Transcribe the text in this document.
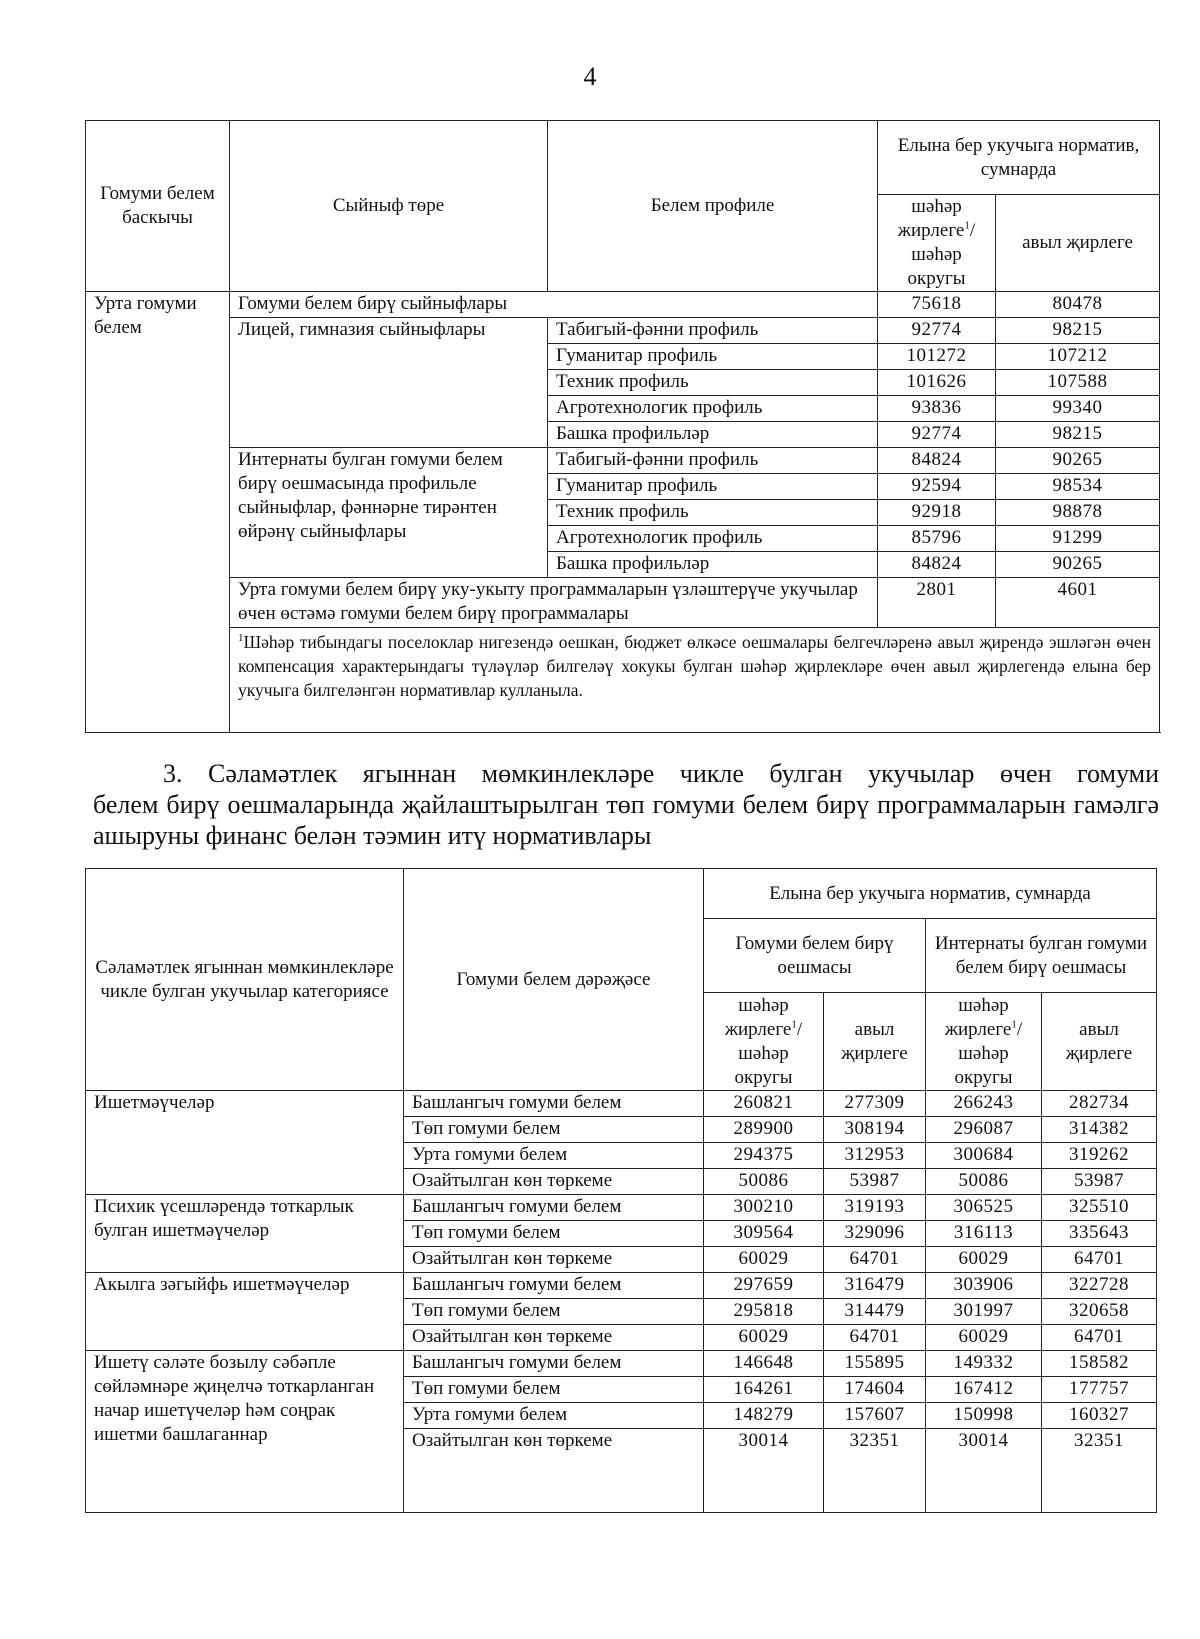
4
Гомуми белем баскычы	Сыйныф төре	Белем профиле	Елына бер укучыга норматив, сумнарда	
			шәһәр жирлеге$^1$/ шәһәр округы	авыл җирлеге
Урта гомуми белем	Гомуми белем бирү сыйныфлары		75618	80478
	Лицей, гимназия сыйныфлары	Табигый-фәнни профиль	92774	98215
		Гуманитар профиль	101272	107212
		Техник профиль	101626	107588
		Агротехнологик профиль	93836	99340
		Башка профильләр	92774	98215
	Интернаты булган гомуми белем бирү оешмасында профильле сыйныфлар, фәннәрне тирәнтен өйрәнү сыйныфлары	Табигый-фәнни профиль	84824	90265
		Гуманитар профиль	92594	98534
		Техник профиль	92918	98878
		Агротехнологик профиль	85796	91299
		Башка профильләр	84824	90265
	Урта гомуми белем бирү уку-укыту программаларын үзләштерүче укучылар өчен өстәмә гомуми белем бирү программалары		2801	4601
	$^1$Шәһәр тибындагы поселоклар нигезендә оешкан, бюджет өлкәсе оешмалары белгечләренә авыл җирендә эшләгән өчен компенсация характерындагы түләүләр билгеләү хокукы булган шәһәр җирлекләре өчен авыл җирлегендә елына бер укучыга билгеләнгән нормативлар кулланыла.			
3. Сәламәтлек ягыннан мөмкинлекләре чикле булган укучылар өчен гомуми
белем бирү оешмаларында җайлаштырылган төп гомуми белем бирү программаларын гамәлгә ашыруны финанс белән тәэмин итү нормативлары
Сәламәтлек ягыннан мөмкинлекләре чикле булган укучылар категориясе	Гомуми белем дәрәҗәсе	Елына бер укучыга норматив, сумнарда			
		Гомуми белем бирү оешмасы		Интернаты булган гомуми белем бирү оешмасы	
		шәһәр жирлеге$^1$/ шәһәр округы	авыл җирлеге	шәһәр жирлеге$^1$/ шәһәр округы	авыл җирлеге
Ишетмәүчеләр	Башлангыч гомуми белем	260821	277309	266243	282734
	Төп гомуми белем	289900	308194	296087	314382
	Урта гомуми белем	294375	312953	300684	319262
	Озайтылган көн төркеме	50086	53987	50086	53987
Психик үсешләрендә тоткарлык булган ишетмәүчеләр	Башлангыч гомуми белем	300210	319193	306525	325510
	Төп гомуми белем	309564	329096	316113	335643
	Озайтылган көн төркеме	60029	64701	60029	64701
Акылга зәгыйфь ишетмәүчеләр	Башлангыч гомуми белем	297659	316479	303906	322728
	Төп гомуми белем	295818	314479	301997	320658
	Озайтылган көн төркеме	60029	64701	60029	64701
Ишетү сәләте бозылу сәбәпле сөйләмнәре җиңелчә тоткарланган начар ишетүчеләр һәм соңрак ишетми башлаганнар	Башлангыч гомуми белем	146648	155895	149332	158582
	Төп гомуми белем	164261	174604	167412	177757
	Урта гомуми белем	148279	157607	150998	160327
	Озайтылган көн төркеме	30014	32351	30014	32351
